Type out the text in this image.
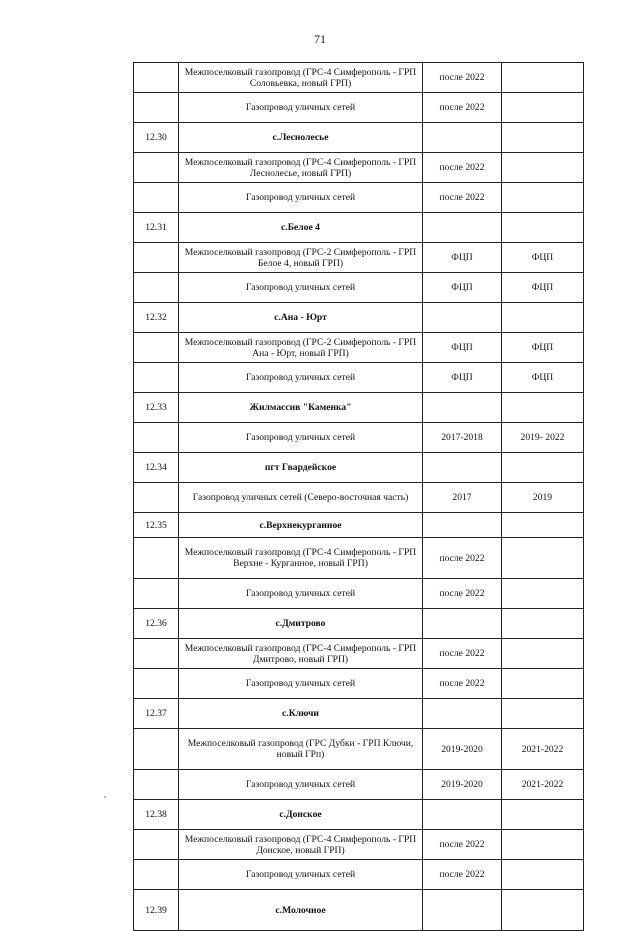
71
	Межпоселковый газопровод (ГРС-4 Симферополь - ГРП Соловьевка, новый ГРП)	после 2022	
	Газопровод уличных сетей	после 2022	
12.30	с.Леснолесье		
	Межпоселковый газопровод (ГРС-4 Симферополь - ГРП Леснолесье, новый ГРП)	после 2022	
	Газопровод уличных сетей	после 2022	
12.31	с.Белое 4		
	Межпоселковый газопровод (ГРС-2 Симферополь - ГРП Белое 4, новый ГРП)	ФЦП	ФЦП
	Газопровод уличных сетей	ФЦП	ФЦП
12.32	с.Ана - Юрт		
	Межпоселковый газопровод (ГРС-2 Симферополь - ГРП Ана - Юрт, новый ГРП)	ФЦП	ФЦП
	Газопровод уличных сетей	ФЦП	ФЦП
12.33	Жилмассив "Каменка"		
	Газопровод уличных сетей	2017-2018	2019- 2022
12.34	пгт Гвардейское		
	Газопровод уличных сетей (Северо-восточная часть)	2017	2019
12.35	с.Верхнекурганное		
	Межпоселковый газопровод (ГРС-4 Симферополь - ГРП Верхне - Курганное, новый ГРП)	после 2022	
	Газопровод уличных сетей	после 2022	
12.36	с.Дмитрово		
	Межпоселковый газопровод (ГРС-4 Симферополь - ГРП Дмитрово, новый ГРП)	после 2022	
	Газопровод уличных сетей	после 2022	
12.37	с.Ключи		
	Межпоселковый газопровод (ГРС Дубки - ГРП Ключи, новый ГРп)	2019-2020	2021-2022
	Газопровод уличных сетей	2019-2020	2021-2022
12.38	с.Донское		
	Межпоселковый газопровод (ГРС-4 Симферополь - ГРП Донское, новый ГРП)	после 2022	
	Газопровод уличных сетей	после 2022	
12.39	с.Молочное		
